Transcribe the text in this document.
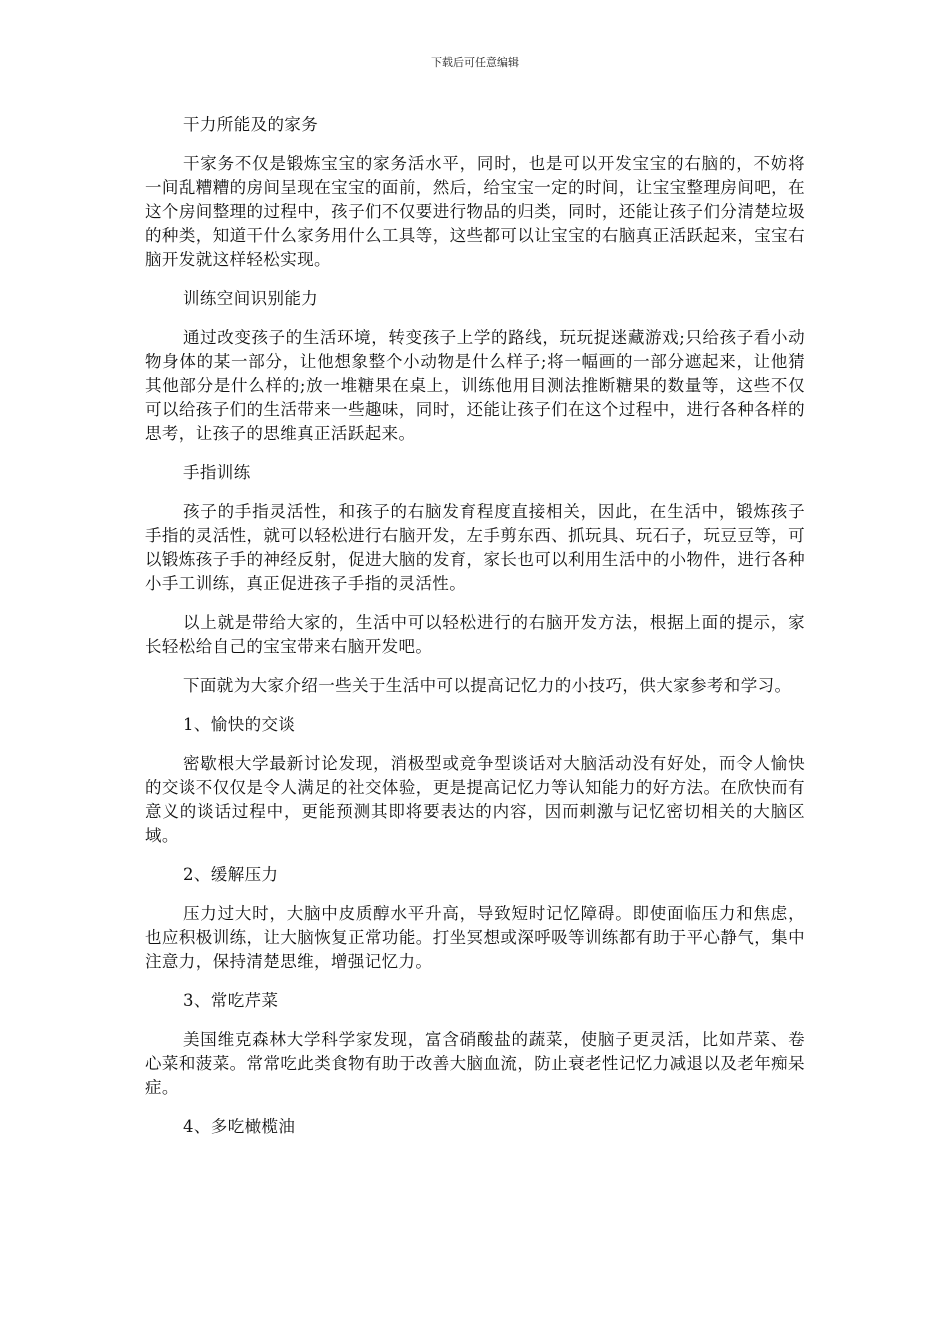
下载后可任意编辑

干力所能及的家务

干家务不仅是锻炼宝宝的家务活水平，同时，也是可以开发宝宝的右脑的，不妨将一间乱糟糟的房间呈现在宝宝的面前，然后，给宝宝一定的时间，让宝宝整理房间吧，在这个房间整理的过程中，孩子们不仅要进行物品的归类，同时，还能让孩子们分清楚垃圾的种类，知道干什么家务用什么工具等，这些都可以让宝宝的右脑真正活跃起来，宝宝右脑开发就这样轻松实现。

训练空间识别能力

通过改变孩子的生活环境，转变孩子上学的路线，玩玩捉迷藏游戏;只给孩子看小动物身体的某一部分，让他想象整个小动物是什么样子;将一幅画的一部分遮起来，让他猜其他部分是什么样的;放一堆糖果在桌上，训练他用目测法推断糖果的数量等，这些不仅可以给孩子们的生活带来一些趣味，同时，还能让孩子们在这个过程中，进行各种各样的思考，让孩子的思维真正活跃起来。

手指训练

孩子的手指灵活性，和孩子的右脑发育程度直接相关，因此，在生活中，锻炼孩子手指的灵活性，就可以轻松进行右脑开发，左手剪东西、抓玩具、玩石子，玩豆豆等，可以锻炼孩子手的神经反射，促进大脑的发育，家长也可以利用生活中的小物件，进行各种小手工训练，真正促进孩子手指的灵活性。

以上就是带给大家的，生活中可以轻松进行的右脑开发方法，根据上面的提示，家长轻松给自己的宝宝带来右脑开发吧。

下面就为大家介绍一些关于生活中可以提高记忆力的小技巧，供大家参考和学习。

1、愉快的交谈

密歇根大学最新讨论发现，消极型或竞争型谈话对大脑活动没有好处，而令人愉快的交谈不仅仅是令人满足的社交体验，更是提高记忆力等认知能力的好方法。在欣快而有意义的谈话过程中，更能预测其即将要表达的内容，因而刺激与记忆密切相关的大脑区域。

2、缓解压力

压力过大时，大脑中皮质醇水平升高，导致短时记忆障碍。即使面临压力和焦虑，也应积极训练，让大脑恢复正常功能。打坐冥想或深呼吸等训练都有助于平心静气，集中注意力，保持清楚思维，增强记忆力。

3、常吃芹菜

美国维克森林大学科学家发现，富含硝酸盐的蔬菜，使脑子更灵活，比如芹菜、卷心菜和菠菜。常常吃此类食物有助于改善大脑血流，防止衰老性记忆力减退以及老年痴呆症。

4、多吃橄榄油
